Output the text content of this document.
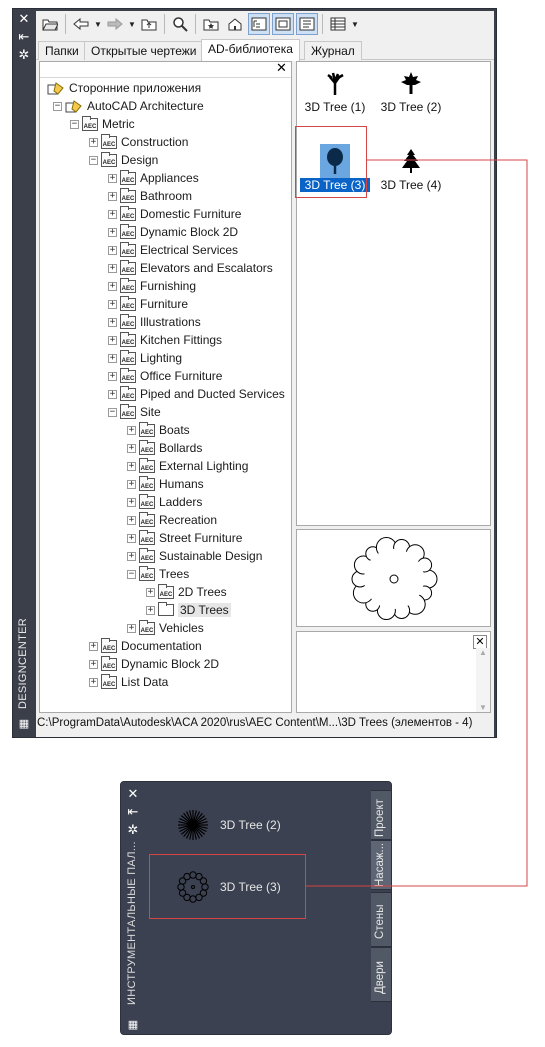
✕
⇤
✲
DESIGNCENTER
▦
▼	▼	▼
Папки	Открытые чертежи AD-библиотека	Журнал
✕
Сторонние приложения
− AutoCAD Architecture
− AEC Metric
+ AEC Construction
− AEC Design
+ AEC Appliances
+ AEC Bathroom
+ AEC Domestic Furniture
+ AEC Dynamic Block 2D
+ AEC Electrical Services
+ AEC Elevators and Escalators
+ AEC Furnishing
+ AEC Furniture
+ AEC Illustrations
+ AEC Kitchen Fittings
+ AEC Lighting
+ AEC Office Furniture
+ AEC Piped and Ducted Services
− AEC Site
+ AEC Boats
+ AEC Bollards
+ AEC External Lighting
+ AEC Humans
+ AEC Ladders
+ AEC Recreation
+ AEC Street Furniture
+ AEC Sustainable Design
− AEC Trees
+ AEC 2D Trees
+ 3D Trees
+ AEC Vehicles
+ AEC Documentation
+ AEC Dynamic Block 2D
+ AEC List Data
3D Tree (1)	3D Tree (2)
3D Tree (3)	3D Tree (4)
✕
▲
▼
C:\ProgramData\Autodesk\ACA 2020\rus\AEC Content\M...\3D Trees (элементов - 4)
✕
⇤
✲
ИНСТРУМЕНТАЛЬНЫЕ ПАЛ...
▦
3D Tree (2)
3D Tree (3)
Проект
Насаж...
Стены
Двери
